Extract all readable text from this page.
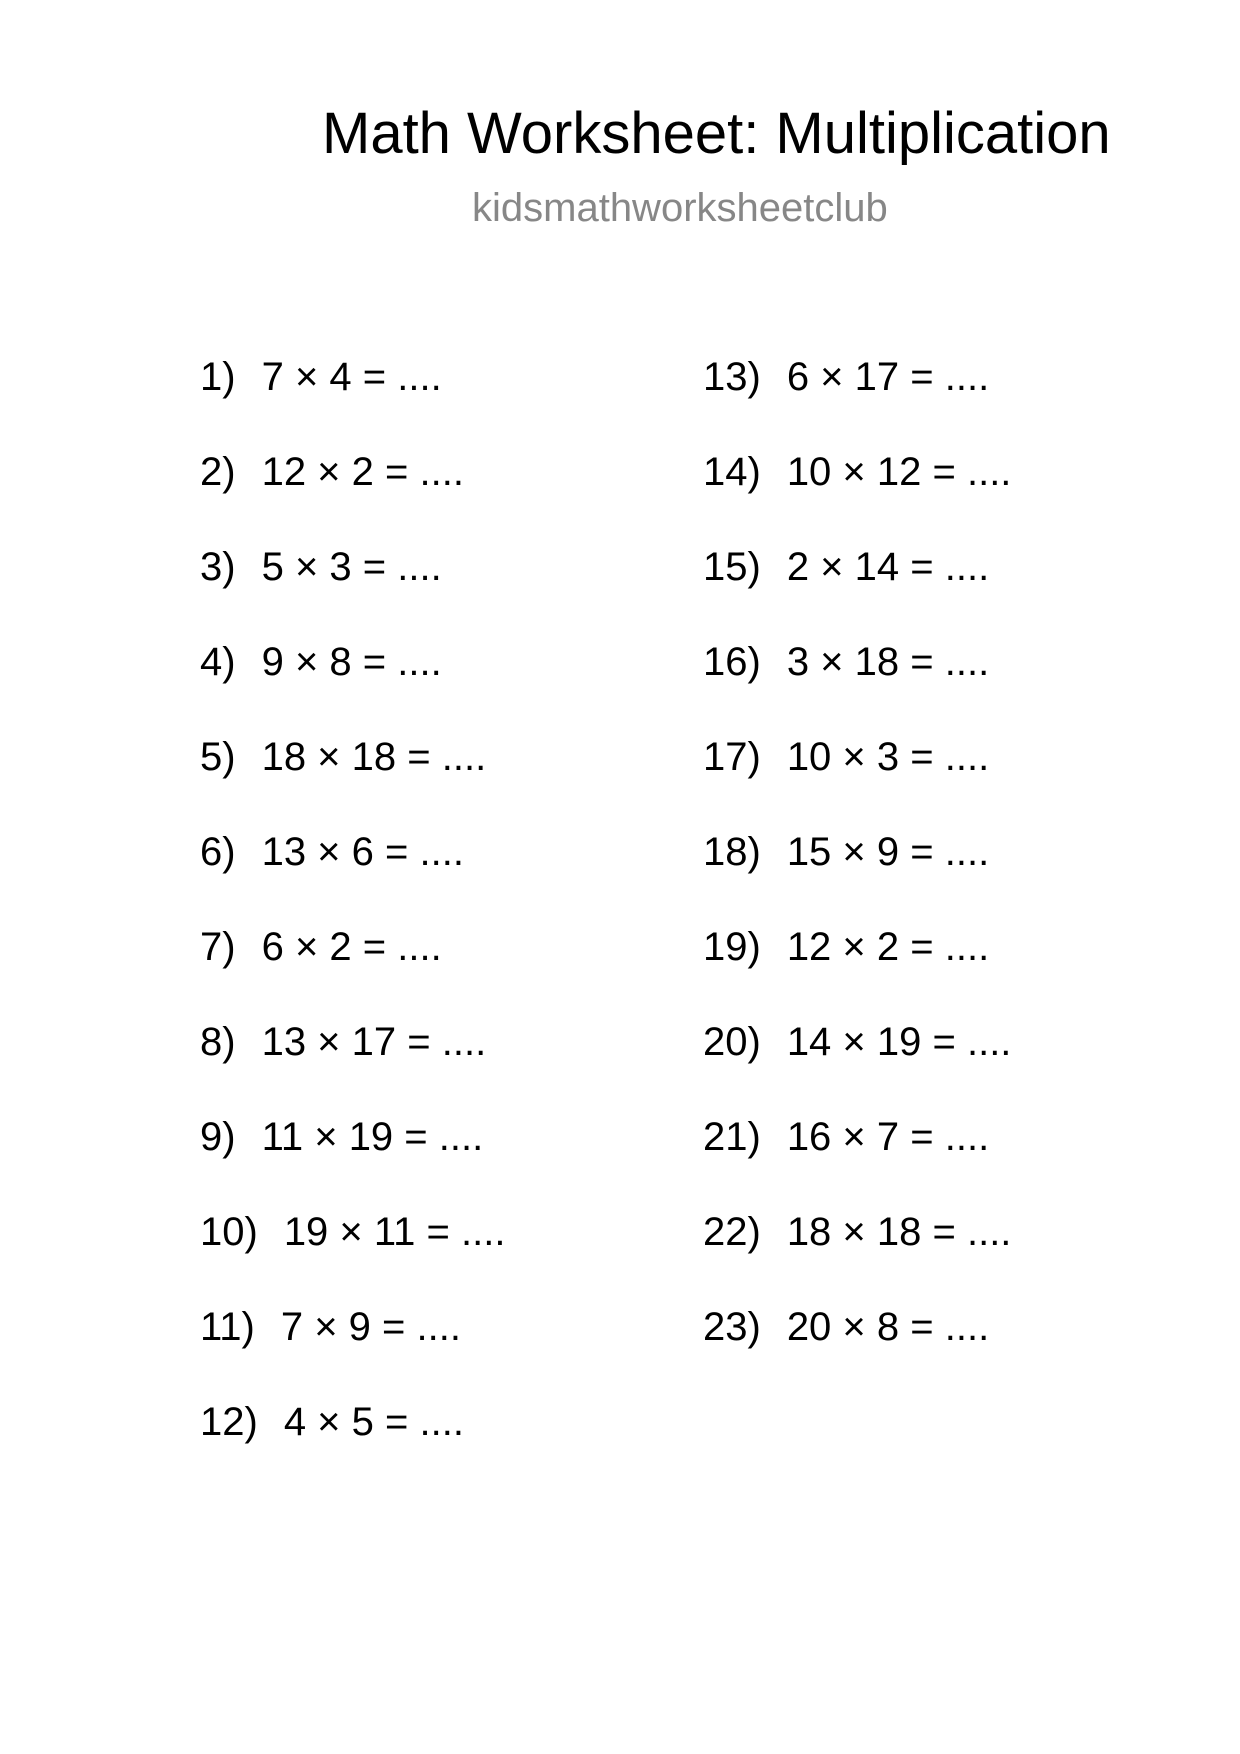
Math Worksheet: Multiplication
kidsmathworksheetclub
1) 7 × 4 = ....
2) 12 × 2 = ....
3) 5 × 3 = ....
4) 9 × 8 = ....
5) 18 × 18 = ....
6) 13 × 6 = ....
7) 6 × 2 = ....
8) 13 × 17 = ....
9) 11 × 19 = ....
10) 19 × 11 = ....
11) 7 × 9 = ....
12) 4 × 5 = ....
13) 6 × 17 = ....
14) 10 × 12 = ....
15) 2 × 14 = ....
16) 3 × 18 = ....
17) 10 × 3 = ....
18) 15 × 9 = ....
19) 12 × 2 = ....
20) 14 × 19 = ....
21) 16 × 7 = ....
22) 18 × 18 = ....
23) 20 × 8 = ....
